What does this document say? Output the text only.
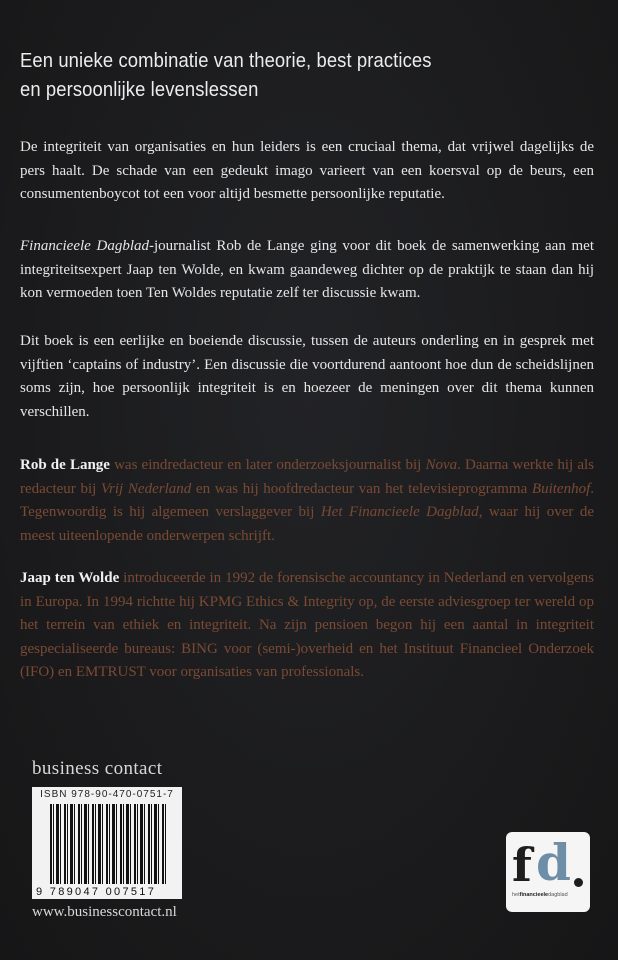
Een unieke combinatie van theorie, best practices
en persoonlijke levenslessen
De integriteit van organisaties en hun leiders is een cruciaal thema, dat vrijwel dagelijks de pers haalt. De schade van een gedeukt imago varieert van een koersval op de beurs, een consumentenboycot tot een voor altijd besmette persoonlijke reputatie.
Financieele Dagblad-journalist Rob de Lange ging voor dit boek de samenwerking aan met integriteitsexpert Jaap ten Wolde, en kwam gaandeweg dichter op de praktijk te staan dan hij kon vermoeden toen Ten Woldes reputatie zelf ter discussie kwam.
Dit boek is een eerlijke en boeiende discussie, tussen de auteurs onderling en in gesprek met vijftien ‘captains of industry’. Een discussie die voortdurend aantoont hoe dun de scheidslijnen soms zijn, hoe persoonlijk integriteit is en hoezeer de meningen over dit thema kunnen verschillen.
Rob de Lange was eindredacteur en later onderzoeksjournalist bij Nova. Daarna werkte hij als redacteur bij Vrij Nederland en was hij hoofdredacteur van het televisieprogramma Buitenhof. Tegenwoordig is hij algemeen verslaggever bij Het Financieele Dagblad, waar hij over de meest uiteenlopende onderwerpen schrijft.
Jaap ten Wolde introduceerde in 1992 de forensische accountancy in Nederland en vervolgens in Europa. In 1994 richtte hij KPMG Ethics & Integrity op, de eerste adviesgroep ter wereld op het terrein van ethiek en integriteit. Na zijn pensioen begon hij een aantal in integriteit gespecialiseerde bureaus: BING voor (semi-)overheid en het Instituut Financieel Onderzoek (IFO) en EMTRUST voor organisaties van professionals.
business contact
ISBN 978-90-470-0751-7
9 789047 007517
www.businesscontact.nl
f d
hetfinancieeledagblad
